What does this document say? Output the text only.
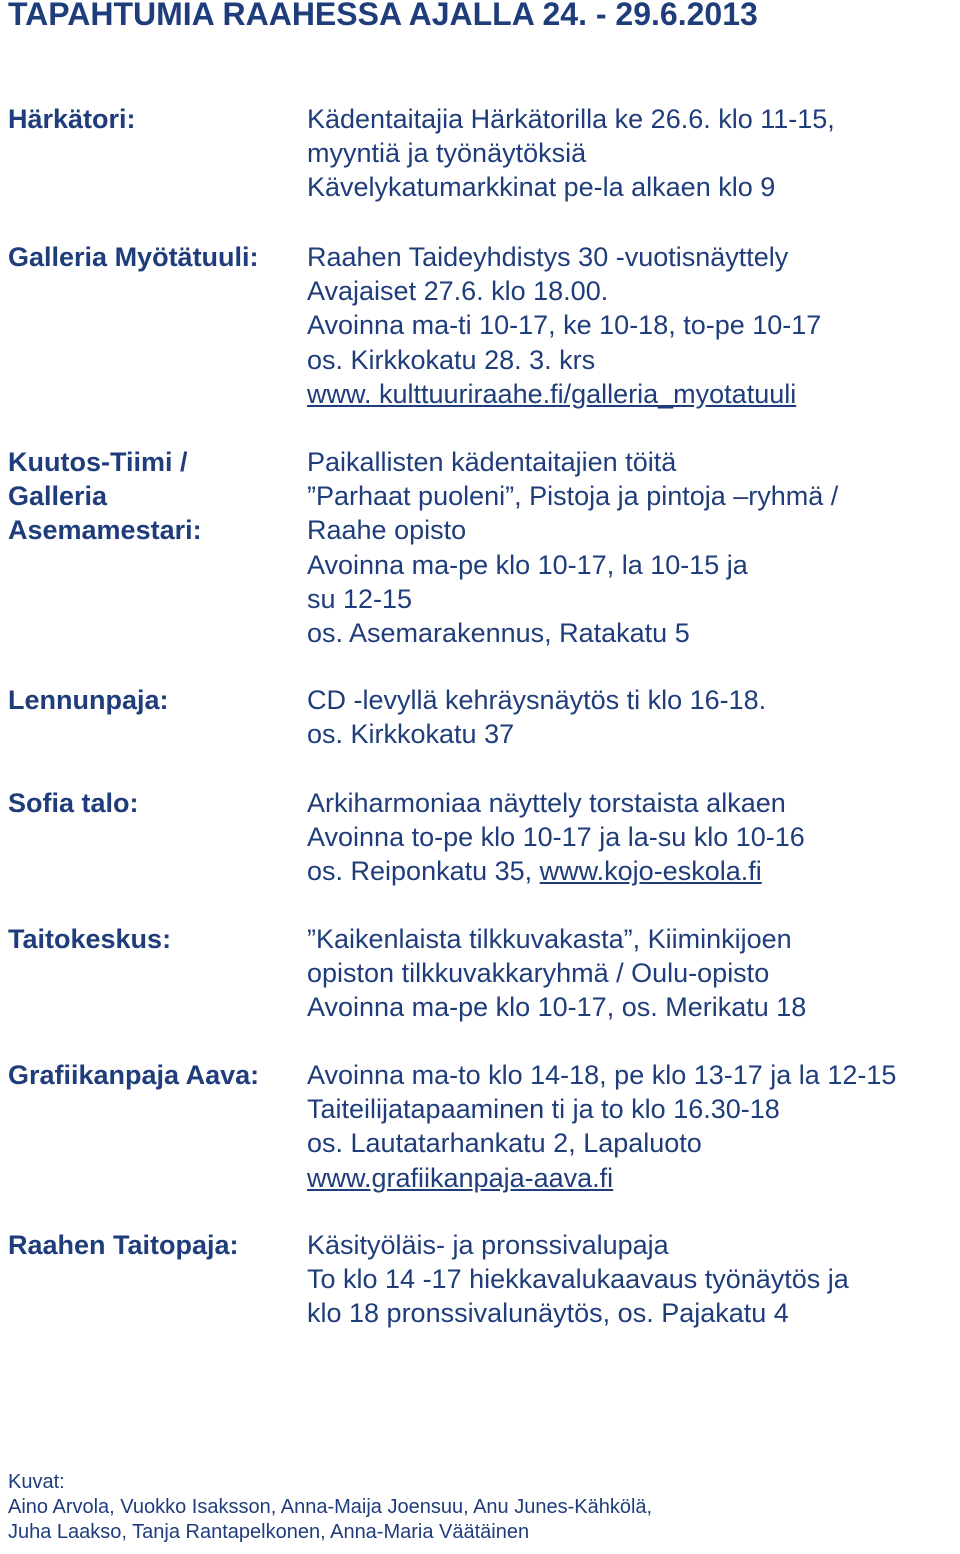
TAPAHTUMIA RAAHESSA AJALLA 24. - 29.6.2013
Härkätori:	Kädentaitajia Härkätorilla ke 26.6. klo 11-15,
myyntiä ja työnäytöksiä
Kävelykatumarkkinat pe-la alkaen klo 9
Galleria Myötätuuli: Raahen Taideyhdistys 30 -vuotisnäyttely
Avajaiset 27.6. klo 18.00.
Avoinna ma-ti 10-17, ke 10-18, to-pe 10-17
os. Kirkkokatu 28. 3. krs
www. kulttuuriraahe.fi/galleria_myotatuuli
Kuutos-Tiimi /
Galleria
Asemamestari:
Paikallisten kädentaitajien töitä
”Parhaat puoleni”, Pistoja ja pintoja –ryhmä /
Raahe opisto
Avoinna ma-pe klo 10-17, la 10-15 ja
su 12-15
os. Asemarakennus, Ratakatu 5
Lennunpaja:	CD -levyllä kehräysnäytös ti klo 16-18.
os. Kirkkokatu 37
Sofia talo:	Arkiharmoniaa näyttely torstaista alkaen
Avoinna to-pe klo 10-17 ja la-su klo 10-16
os. Reiponkatu 35, www.kojo-eskola.fi
Taitokeskus:	”Kaikenlaista tilkkuvakasta”, Kiiminkijoen
opiston tilkkuvakkaryhmä / Oulu-opisto
Avoinna ma-pe klo 10-17, os. Merikatu 18
Grafiikanpaja Aava: Avoinna ma-to klo 14-18, pe klo 13-17 ja la 12-15
Taiteilijatapaaminen ti ja to klo 16.30-18
os. Lautatarhankatu 2, Lapaluoto
www.grafiikanpaja-aava.fi
Raahen Taitopaja:	Käsityöläis- ja pronssivalupaja
To klo 14 -17 hiekkavalukaavaus työnäytös ja
klo 18 pronssivalunäytös, os. Pajakatu 4
Kuvat:
Aino Arvola, Vuokko Isaksson, Anna-Maija Joensuu, Anu Junes-Kähkölä,
Juha Laakso, Tanja Rantapelkonen, Anna-Maria Väätäinen
